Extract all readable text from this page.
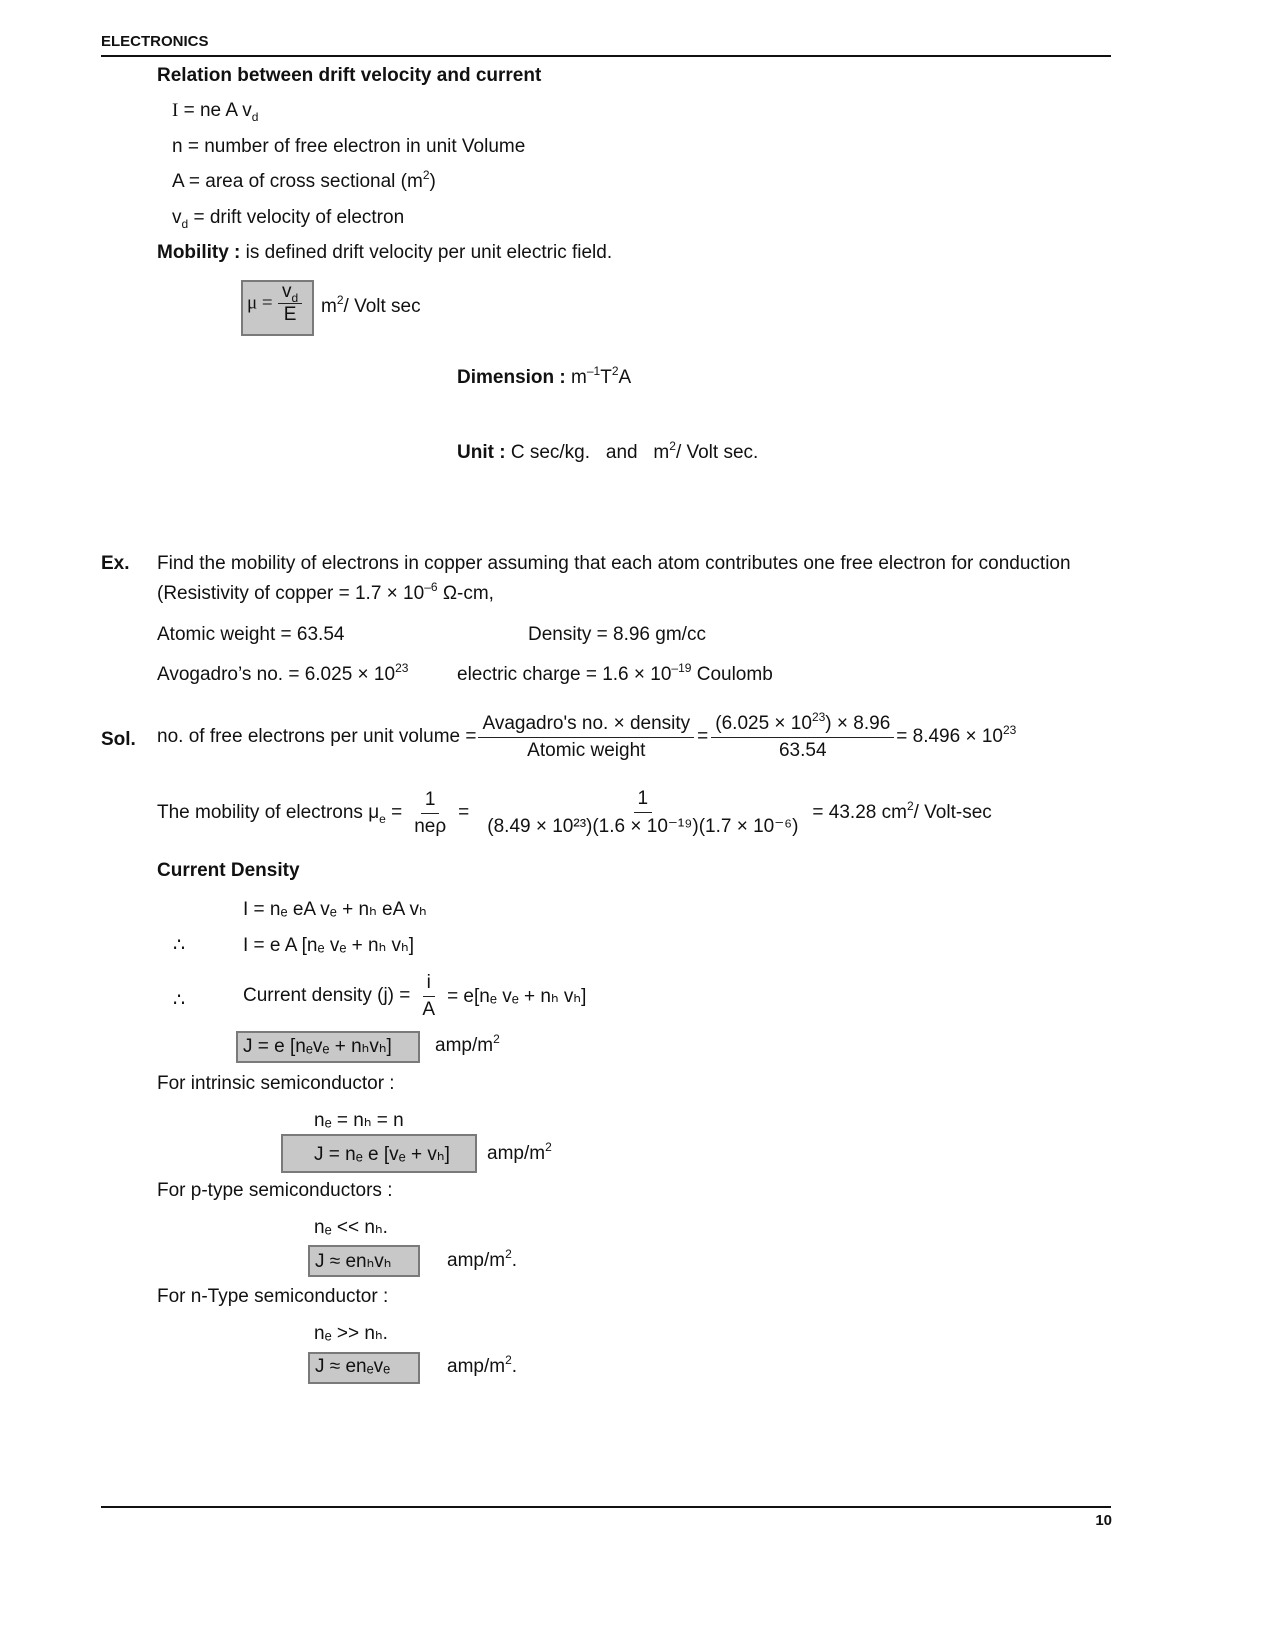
ELECTRONICS
Relation between drift velocity and current
I = ne A $v_d$
n = number of free electron in unit Volume
A = area of cross sectional $(m^2)$
$v_d$ = drift velocity of electron
Mobility : is defined drift velocity per unit electric field.
$\mu = \frac{v_d}{E} m^2/$ Volt sec
Dimension : $m^{-1}T^2A$
Unit : C sec/kg. and $m^2/$ Volt sec.
Ex. Find the mobility of electrons in copper assuming that each atom contributes one free electron for conduction
(Resistivity of copper = $1.7 \times 10^{-6}$ Ω-cm,
Atomic weight = 63.54	Density = 8.96 gm/cc
Avogadro’s no. = $6.025 \times 10^{23}$	electric charge = $1.6 \times 10^{-19}$ Coulomb
Sol. no. of free electrons per unit volume = $\frac{\text{Avagadro's no. × density}}{\text{Atomic weight}} = \frac{(6.025 \times 10^{23}) \times 8.96}{63.54} = 8.496 \times 10^{23}$
The mobility of electrons $\mu_e = \frac{1}{\text{neρ}} = \frac{1}{\text{(8.49 × 10²³)(1.6 × 10⁻¹⁹)(1.7 × 10⁻⁶)}} = 43.28$ $cm^2/$ Volt-sec
Current Density
I = nₑ eA vₑ + nₕ eA vₕ
∴	I = e A [nₑ vₑ + nₕ vₕ]
∴	Current density $(j) = \frac{i}{A} = e[n_e$ vₑ + nₕ vₕ]
J = e [nₑvₑ + nₕvₕ] amp/$m^2$
For intrinsic semiconductor :
nₑ = nₕ = n
J = nₑ e [vₑ + vₕ] amp/$m^2$
For p-type semiconductors :
nₑ << nₕ.
J ≈ enₕvₕ	amp/$m^2$.
For n-Type semiconductor :
nₑ >> nₕ.
J ≈ enₑvₑ	amp/$m^2$.
10
